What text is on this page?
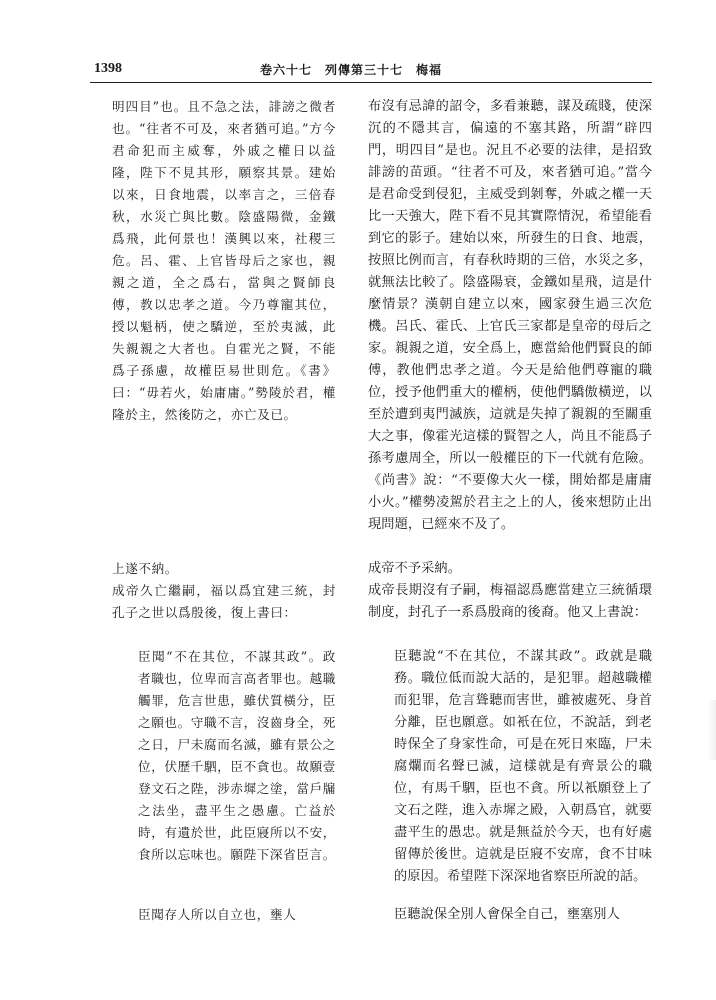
1398	卷六十七　列傳第三十七　梅福

明四目”也。且不急之法，誹謗之微者也。“往者不可及，來者猶可追。”方今君命犯而主威奪，外戚之權日以益隆，陛下不見其形，願察其景。建始以來，日食地震，以率言之，三倍春秋，水災亡與比數。陰盛陽微，金鐵爲飛，此何景也！漢興以來，社稷三危。呂、霍、上官皆母后之家也，親親之道，全之爲右，當與之賢師良傅，教以忠孝之道。今乃尊寵其位，授以魁柄，使之驕逆，至於夷滅，此失親親之大者也。自霍光之賢，不能爲子孫慮，故權臣易世則危。《書》曰：“毋若火，始庸庸。”勢陵於君，權隆於主，然後防之，亦亡及已。

上遂不納。

成帝久亡繼嗣，福以爲宜建三統，封孔子之世以爲殷後，復上書曰：

臣聞“不在其位，不謀其政”。政者職也，位卑而言高者罪也。越職觸罪，危言世患，雖伏質橫分，臣之願也。守職不言，沒齒身全，死之日，尸未腐而名滅，雖有景公之位，伏歷千駟，臣不貪也。故願壹登文石之陛，涉赤墀之塗，當戶牖之法坐，盡平生之愚慮。亡益於時，有遺於世，此臣寢所以不安，食所以忘味也。願陛下深省臣言。

臣聞存人所以自立也，壅人

布沒有忌諱的詔令，多看兼聽，謀及疏賤，使深沉的不隱其言，偏遠的不塞其路，所謂“辟四門，明四目”是也。況且不必要的法律，是招致誹謗的苗頭。“往者不可及，來者猶可追。”當今是君命受到侵犯，主威受到剝奪，外戚之權一天比一天強大，陛下看不見其實際情況，希望能看到它的影子。建始以來，所發生的日食、地震，按照比例而言，有春秋時期的三倍，水災之多，就無法比較了。陰盛陽衰，金鐵如星飛，這是什麼情景？漢朝自建立以來，國家發生過三次危機。呂氏、霍氏、上官氏三家都是皇帝的母后之家。親親之道，安全爲上，應當給他們賢良的師傅，教他們忠孝之道。今天是給他們尊寵的職位，授予他們重大的權柄，使他們驕傲橫逆，以至於遭到夷門滅族，這就是失掉了親親的至關重大之事，像霍光這樣的賢智之人，尚且不能爲子孫考慮周全，所以一般權臣的下一代就有危險。《尚書》說：“不要像大火一樣，開始都是庸庸小火。”權勢凌駕於君主之上的人，後來想防止出現問題，已經來不及了。

成帝不予采納。

成帝長期沒有子嗣，梅福認爲應當建立三統循環制度，封孔子一系爲殷商的後裔。他又上書說：

臣聽說“不在其位，不謀其政”。政就是職務。職位低而說大話的，是犯罪。超越職權而犯罪，危言聳聽而害世，雖被處死、身首分離，臣也願意。如衹在位，不說話，到老時保全了身家性命，可是在死日來臨，尸未腐爛而名聲已滅，這樣就是有齊景公的職位，有馬千駟，臣也不貪。所以衹願登上了文石之陛，進入赤墀之殿，入朝爲官，就要盡平生的愚忠。就是無益於今天，也有好處留傳於後世。這就是臣寢不安席，食不甘味的原因。希望陛下深深地省察臣所說的話。

臣聽說保全別人會保全自己，壅塞別人
